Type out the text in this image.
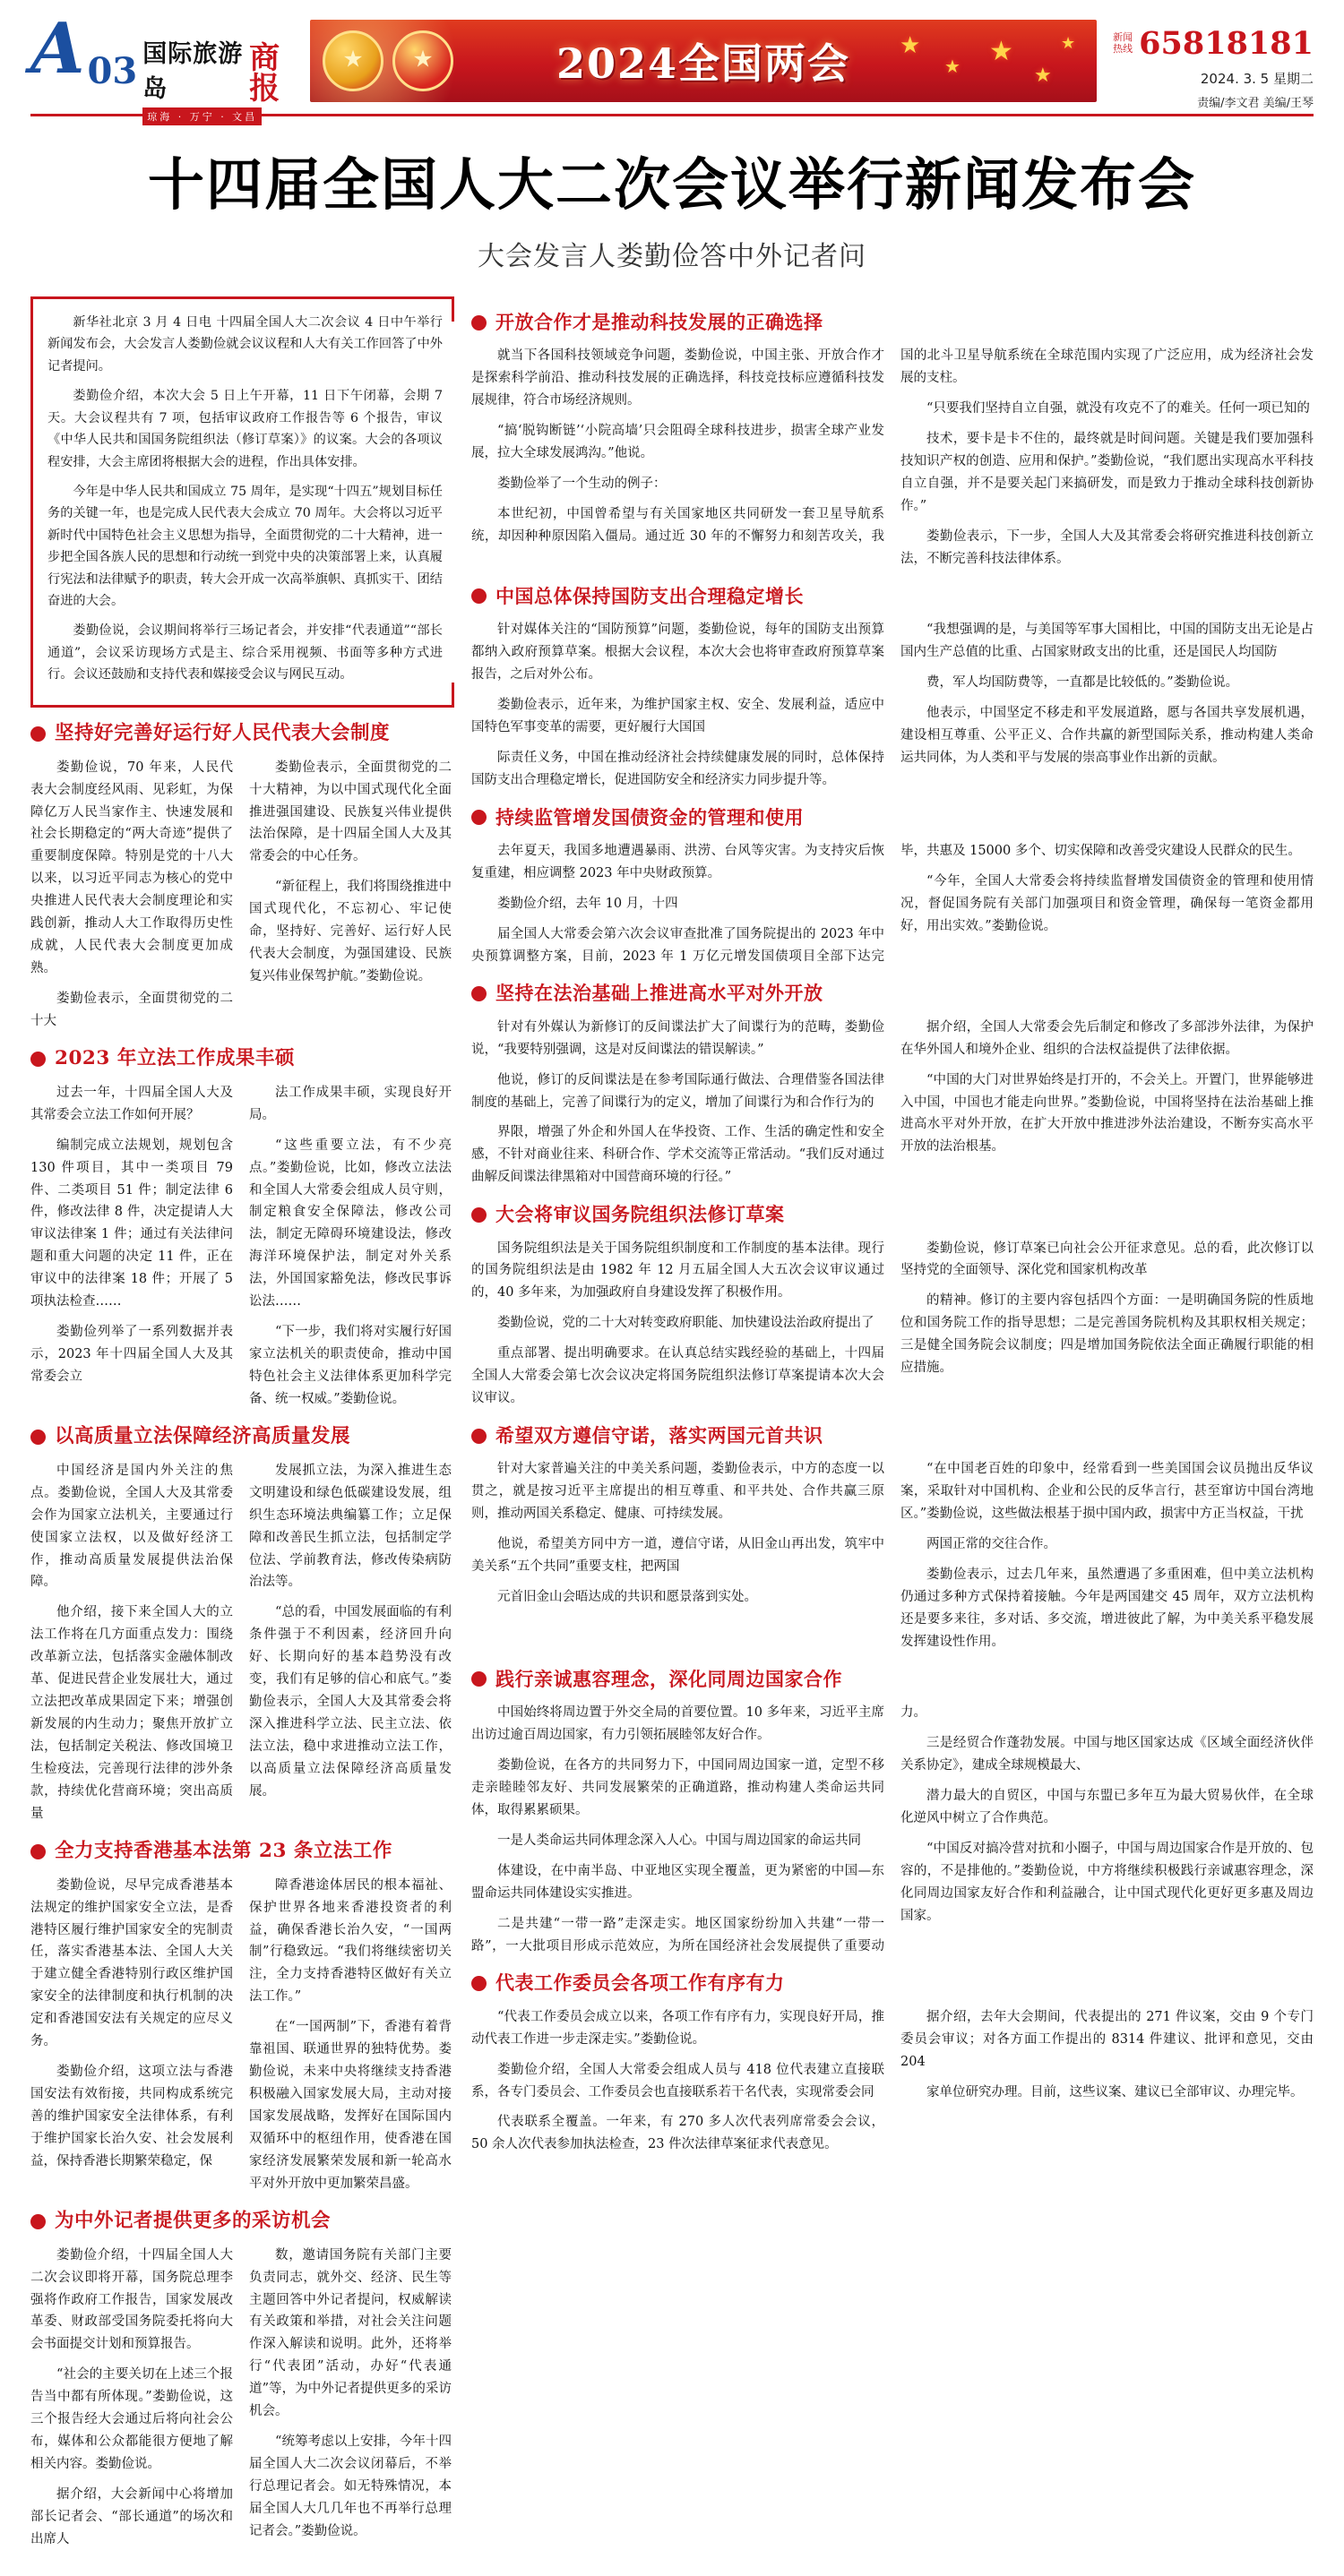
A 03 国际旅游岛
商报
琼海 · 万宁 · 文昌
★
★
2024全国两会 ★
★ ★
★
★	新闻热线 65818181
2024. 3. 5 星期二
责编/李文君 美编/王琴
十四届全国人大二次会议举行新闻发布会
大会发言人娄勤俭答中外记者问

新华社北京 3 月 4 日电 十四届全国人大二次会议 4 日中午举行新闻发布会，大会发言人娄勤俭就会议议程和人大有关工作回答了中外记者提问。

娄勤俭介绍，本次大会 5 日上午开幕，11 日下午闭幕，会期 7 天。大会议程共有 7 项，包括审议政府工作报告等 6 个报告，审议《中华人民共和国国务院组织法（修订草案）》的议案。大会的各项议程安排，大会主席团将根据大会的进程，作出具体安排。

今年是中华人民共和国成立 75 周年，是实现“十四五”规划目标任务的关键一年，也是完成人民代表大会成立 70 周年。大会将以习近平新时代中国特色社会主义思想为指导，全面贯彻党的二十大精神，进一步把全国各族人民的思想和行动统一到党中央的决策部署上来，认真履行宪法和法律赋予的职责，转大会开成一次高举旗帜、真抓实干、团结奋进的大会。

娄勤俭说，会议期间将举行三场记者会，并安排“代表通道”“部长通道”，会议采访现场方式是主、综合采用视频、书面等多种方式进行。会议还鼓励和支持代表和媒接受会议与网民互动。

坚持好完善好运行好人民代表大会制度

娄勤俭说，70 年来，人民代表大会制度经风雨、见彩虹，为保障亿万人民当家作主、快速发展和社会长期稳定的“两大奇迹”提供了重要制度保障。特别是党的十八大以来，以习近平同志为核心的党中央推进人民代表大会制度理论和实践创新，推动人大工作取得历史性成就，人民代表大会制度更加成熟。

娄勤俭表示，全面贯彻党的二十大

娄勤俭表示，全面贯彻党的二十大精神，为以中国式现代化全面推进强国建设、民族复兴伟业提供法治保障，是十四届全国人大及其常委会的中心任务。

“新征程上，我们将围绕推进中国式现代化，不忘初心、牢记使命，坚持好、完善好、运行好人民代表大会制度，为强国建设、民族复兴伟业保驾护航。”娄勤俭说。

2023 年立法工作成果丰硕

过去一年，十四届全国人大及其常委会立法工作如何开展？

编制完成立法规划，规划包含 130 件项目，其中一类项目 79 件、二类项目 51 件；制定法律 6 件，修改法律 8 件，决定提请人大审议法律案 1 件；通过有关法律问题和重大问题的决定 11 件，正在审议中的法律案 18 件；开展了 5 项执法检查……

娄勤俭列举了一系列数据并表示，2023 年十四届全国人大及其常委会立

法工作成果丰硕，实现良好开局。

“这些重要立法，有不少亮点。”娄勤俭说，比如，修改立法法和全国人大常委会组成人员守则，制定粮食安全保障法，修改公司法，制定无障碍环境建设法，修改海洋环境保护法，制定对外关系法，外国国家豁免法，修改民事诉讼法……

“下一步，我们将对实履行好国家立法机关的职责使命，推动中国特色社会主义法律体系更加科学完备、统一权威。”娄勤俭说。

以高质量立法保障经济高质量发展

中国经济是国内外关注的焦点。娄勤俭说，全国人大及其常委会作为国家立法机关，主要通过行使国家立法权，以及做好经济工作，推动高质量发展提供法治保障。

他介绍，接下来全国人大的立法工作将在几方面重点发力：围绕改革新立法，包括落实金融体制改革、促进民营企业发展壮大，通过立法把改革成果固定下来；增强创新发展的内生动力；聚焦开放扩立法，包括制定关税法、修改国境卫生检疫法，完善现行法律的涉外条款，持续优化营商环境；突出高质量

发展抓立法，为深入推进生态文明建设和绿色低碳建设发展，组织生态环境法典编纂工作；立足保障和改善民生抓立法，包括制定学位法、学前教育法，修改传染病防治法等。

“总的看，中国发展面临的有利条件强于不利因素，经济回升向好、长期向好的基本趋势没有改变，我们有足够的信心和底气。”娄勤俭表示，全国人大及其常委会将深入推进科学立法、民主立法、依法立法，稳中求进推动立法工作，以高质量立法保障经济高质量发展。

全力支持香港基本法第 23 条立法工作

娄勤俭说，尽早完成香港基本法规定的维护国家安全立法，是香港特区履行维护国家安全的宪制责任，落实香港基本法、全国人大关于建立健全香港特别行政区维护国家安全的法律制度和执行机制的决定和香港国安法有关规定的应尽义务。

娄勤俭介绍，这项立法与香港国安法有效衔接，共同构成系统完善的维护国家安全法律体系，有利于维护国家长治久安、社会发展利益，保持香港长期繁荣稳定，保

障香港途体居民的根本福祉、保护世界各地来香港投资者的利益，确保香港长治久安，“一国两制”行稳致远。“我们将继续密切关注，全力支持香港特区做好有关立法工作。”

在“一国两制”下，香港有着背靠祖国、联通世界的独特优势。娄勤俭说，未来中央将继续支持香港积极融入国家发展大局，主动对接国家发展战略，发挥好在国际国内双循环中的枢纽作用，使香港在国家经济发展繁荣发展和新一轮高水平对外开放中更加繁荣昌盛。

为中外记者提供更多的采访机会

娄勤俭介绍，十四届全国人大二次会议即将开幕，国务院总理李强将作政府工作报告，国家发展改革委、财政部受国务院委托将向大会书面提交计划和预算报告。

“社会的主要关切在上述三个报告当中都有所体现。”娄勤俭说，这三个报告经大会通过后将向社会公布，媒体和公众都能很方便地了解相关内容。娄勤俭说。

据介绍，大会新闻中心将增加部长记者会、“部长通道”的场次和出席人

数，邀请国务院有关部门主要负责同志，就外交、经济、民生等主题回答中外记者提问，权威解读有关政策和举措，对社会关注问题作深入解读和说明。此外，还将举行“代表团”活动，办好“代表通道”等，为中外记者提供更多的采访机会。

“统筹考虑以上安排，今年十四届全国人大二次会议闭幕后，不举行总理记者会。如无特殊情况，本届全国人大几几年也不再举行总理记者会。”娄勤俭说。

开放合作才是推动科技发展的正确选择

就当下各国科技领域竞争问题，娄勤俭说，中国主张、开放合作才是探索科学前沿、推动科技发展的正确选择，科技竞技标应遵循科技发展规律，符合市场经济规则。

“搞‘脱钩断链’‘小院高墙’只会阻碍全球科技进步，损害全球产业发展，拉大全球发展鸿沟。”他说。

娄勤俭举了一个生动的例子：

本世纪初，中国曾希望与有关国家地区共同研发一套卫星导航系统，却因种种原因陷入僵局。通过近 30 年的不懈努力和刻苦攻关，我国的北斗卫星导航系统在全球范围内实现了广泛应用，成为经济社会发展的支柱。

“只要我们坚持自立自强，就没有攻克不了的难关。任何一项已知的

技术，要卡是卡不住的，最终就是时间问题。关键是我们要加强科技知识产权的创造、应用和保护。”娄勤俭说，“我们愿出实现高水平科技自立自强，并不是要关起门来搞研发，而是致力于推动全球科技创新协作。”

娄勤俭表示，下一步，全国人大及其常委会将研究推进科技创新立法，不断完善科技法律体系。

中国总体保持国防支出合理稳定增长

针对媒体关注的“国防预算”问题，娄勤俭说，每年的国防支出预算都纳入政府预算草案。根据大会议程，本次大会也将审查政府预算草案报告，之后对外公布。

娄勤俭表示，近年来，为维护国家主权、安全、发展利益，适应中国特色军事变革的需要，更好履行大国国

际责任义务，中国在推动经济社会持续健康发展的同时，总体保持国防支出合理稳定增长，促进国防安全和经济实力同步提升等。

“我想强调的是，与美国等军事大国相比，中国的国防支出无论是占国内生产总值的比重、占国家财政支出的比重，还是国民人均国防

费，军人均国防费等，一直都是比较低的。”娄勤俭说。

他表示，中国坚定不移走和平发展道路，愿与各国共享发展机遇，建设相互尊重、公平正义、合作共赢的新型国际关系，推动构建人类命运共同体，为人类和平与发展的崇高事业作出新的贡献。

持续监管增发国债资金的管理和使用

去年夏天，我国多地遭遇暴雨、洪涝、台风等灾害。为支持灾后恢复重建，相应调整 2023 年中央财政预算。

娄勤俭介绍，去年 10 月，十四

届全国人大常委会第六次会议审查批准了国务院提出的 2023 年中央预算调整方案，目前，2023 年 1 万亿元增发国债项目全部下达完毕，共惠及 15000 多个、切实保障和改善受灾建设人民群众的民生。

“今年，全国人大常委会将持续监督增发国债资金的管理和使用情况，督促国务院有关部门加强项目和资金管理，确保每一笔资金都用好，用出实效。”娄勤俭说。

坚持在法治基础上推进高水平对外开放

针对有外媒认为新修订的反间谍法扩大了间谍行为的范畴，娄勤俭说，“我要特别强调，这是对反间谍法的错误解读。”

他说，修订的反间谍法是在参考国际通行做法、合理借鉴各国法律制度的基础上，完善了间谍行为的定义，增加了间谍行为和合作行为的

界限，增强了外企和外国人在华投资、工作、生活的确定性和安全感，不针对商业往来、科研合作、学术交流等正常活动。“我们反对通过曲解反间谍法律黑箱对中国营商环境的行径。”

据介绍，全国人大常委会先后制定和修改了多部涉外法律，为保护在华外国人和境外企业、组织的合法权益提供了法律依据。

“中国的大门对世界始终是打开的，不会关上。开置门，世界能够进入中国，中国也才能走向世界。”娄勤俭说，中国将坚持在法治基础上推进高水平对外开放，在扩大开放中推进涉外法治建设，不断夯实高水平开放的法治根基。

大会将审议国务院组织法修订草案

国务院组织法是关于国务院组织制度和工作制度的基本法律。现行的国务院组织法是由 1982 年 12 月五届全国人大五次会议审议通过的，40 多年来，为加强政府自身建设发挥了积极作用。

娄勤俭说，党的二十大对转变政府职能、加快建设法治政府提出了

重点部署、提出明确要求。在认真总结实践经验的基础上，十四届全国人大常委会第七次会议决定将国务院组织法修订草案提请本次大会议审议。

娄勤俭说，修订草案已向社会公开征求意见。总的看，此次修订以坚持党的全面领导、深化党和国家机构改革

的精神。修订的主要内容包括四个方面：一是明确国务院的性质地位和国务院工作的指导思想；二是完善国务院机构及其职权相关规定；三是健全国务院会议制度；四是增加国务院依法全面正确履行职能的相应措施。

希望双方遵信守诺，落实两国元首共识

针对大家普遍关注的中美关系问题，娄勤俭表示，中方的态度一以贯之，就是按习近平主席提出的相互尊重、和平共处、合作共赢三原则，推动两国关系稳定、健康、可持续发展。

他说，希望美方同中方一道，遵信守诺，从旧金山再出发，筑牢中美关系“五个共同”重要支柱，把两国

元首旧金山会晤达成的共识和愿景落到实处。

“在中国老百姓的印象中，经常看到一些美国国会议员抛出反华议案，采取针对中国机构、企业和公民的反华言行，甚至窜访中国台湾地区。”娄勤俭说，这些做法根基于损中国内政，损害中方正当权益，干扰

两国正常的交往合作。

娄勤俭表示，过去几年来，虽然遭遇了多重困难，但中美立法机构仍通过多种方式保持着接触。今年是两国建交 45 周年，双方立法机构还是要多来往，多对话、多交流，增进彼此了解，为中美关系平稳发展发挥建设性作用。

践行亲诚惠容理念，深化同周边国家合作

中国始终将周边置于外交全局的首要位置。10 多年来，习近平主席出访过逾百周边国家，有力引领拓展睦邻友好合作。

娄勤俭说，在各方的共同努力下，中国同周边国家一道，定型不移走亲睦睦邻友好、共同发展繁荣的正确道路，推动构建人类命运共同体，取得累累硕果。

一是人类命运共同体理念深入人心。中国与周边国家的命运共同

体建设，在中南半岛、中亚地区实现全覆盖，更为紧密的中国—东盟命运共同体建设实实推进。

二是共建“一带一路”走深走实。地区国家纷纷加入共建“一带一路”，一大批项目形成示范效应，为所在国经济社会发展提供了重要动力。

三是经贸合作蓬勃发展。中国与地区国家达成《区域全面经济伙伴关系协定》，建成全球规模最大、

潜力最大的自贸区，中国与东盟已多年互为最大贸易伙伴，在全球化逆风中树立了合作典范。

“中国反对搞冷营对抗和小圈子，中国与周边国家合作是开放的、包容的，不是排他的。”娄勤俭说，中方将继续积极践行亲诚惠容理念，深化同周边国家友好合作和利益融合，让中国式现代化更好更多惠及周边国家。

代表工作委员会各项工作有序有力

“代表工作委员会成立以来，各项工作有序有力，实现良好开局，推动代表工作进一步走深走实。”娄勤俭说。

娄勤俭介绍，全国人大常委会组成人员与 418 位代表建立直接联系，各专门委员会、工作委员会也直接联系若干名代表，实现常委会同

代表联系全覆盖。一年来，有 270 多人次代表列席常委会会议，50 余人次代表参加执法检查，23 件次法律草案征求代表意见。

据介绍，去年大会期间，代表提出的 271 件议案，交由 9 个专门委员会审议；对各方面工作提出的 8314 件建议、批评和意见，交由 204

家单位研究办理。目前，这些议案、建议已全部审议、办理完毕。
